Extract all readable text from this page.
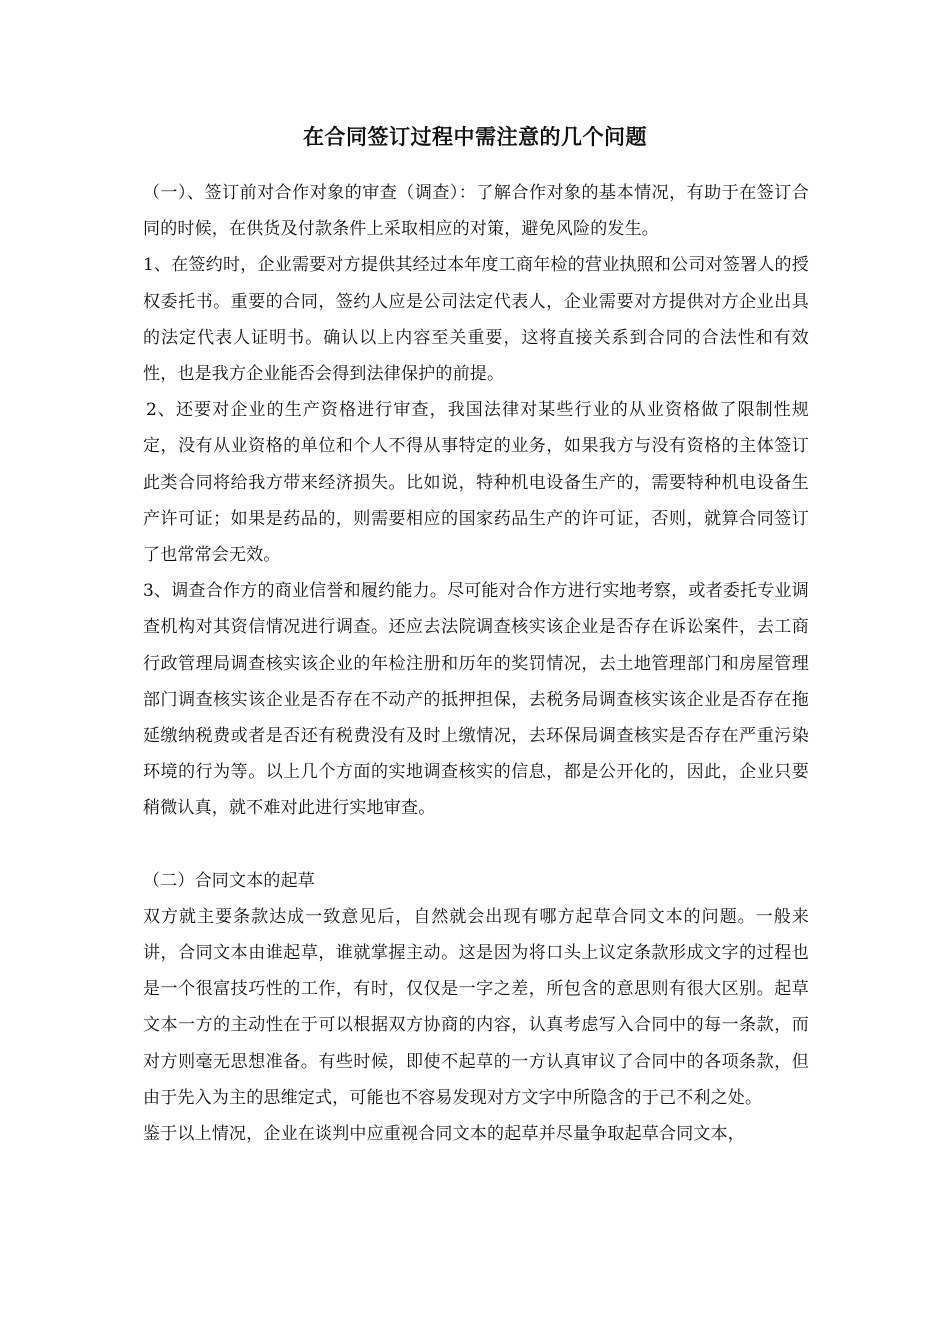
在合同签订过程中需注意的几个问题

（一）、签订前对合作对象的审查（调查）：了解合作对象的基本情况，有助于在签订合同的时候，在供货及付款条件上采取相应的对策，避免风险的发生。

1、在签约时，企业需要对方提供其经过本年度工商年检的营业执照和公司对签署人的授权委托书。重要的合同，签约人应是公司法定代表人，企业需要对方提供对方企业出具的法定代表人证明书。确认以上内容至关重要，这将直接关系到合同的合法性和有效性，也是我方企业能否会得到法律保护的前提。

2、还要对企业的生产资格进行审查，我国法律对某些行业的从业资格做了限制性规定，没有从业资格的单位和个人不得从事特定的业务，如果我方与没有资格的主体签订此类合同将给我方带来经济损失。比如说，特种机电设备生产的，需要特种机电设备生产许可证；如果是药品的，则需要相应的国家药品生产的许可证，否则，就算合同签订了也常常会无效。

3、调查合作方的商业信誉和履约能力。尽可能对合作方进行实地考察，或者委托专业调查机构对其资信情况进行调查。还应去法院调查核实该企业是否存在诉讼案件，去工商行政管理局调查核实该企业的年检注册和历年的奖罚情况，去土地管理部门和房屋管理部门调查核实该企业是否存在不动产的抵押担保，去税务局调查核实该企业是否存在拖延缴纳税费或者是否还有税费没有及时上缴情况，去环保局调查核实是否存在严重污染环境的行为等。以上几个方面的实地调查核实的信息，都是公开化的，因此，企业只要稍微认真，就不难对此进行实地审查。

（二）合同文本的起草

双方就主要条款达成一致意见后，自然就会出现有哪方起草合同文本的问题。一般来讲，合同文本由谁起草，谁就掌握主动。这是因为将口头上议定条款形成文字的过程也是一个很富技巧性的工作，有时，仅仅是一字之差，所包含的意思则有很大区别。起草文本一方的主动性在于可以根据双方协商的内容，认真考虑写入合同中的每一条款，而对方则毫无思想准备。有些时候，即使不起草的一方认真审议了合同中的各项条款，但由于先入为主的思维定式，可能也不容易发现对方文字中所隐含的于己不利之处。

鉴于以上情况，企业在谈判中应重视合同文本的起草并尽量争取起草合同文本，
